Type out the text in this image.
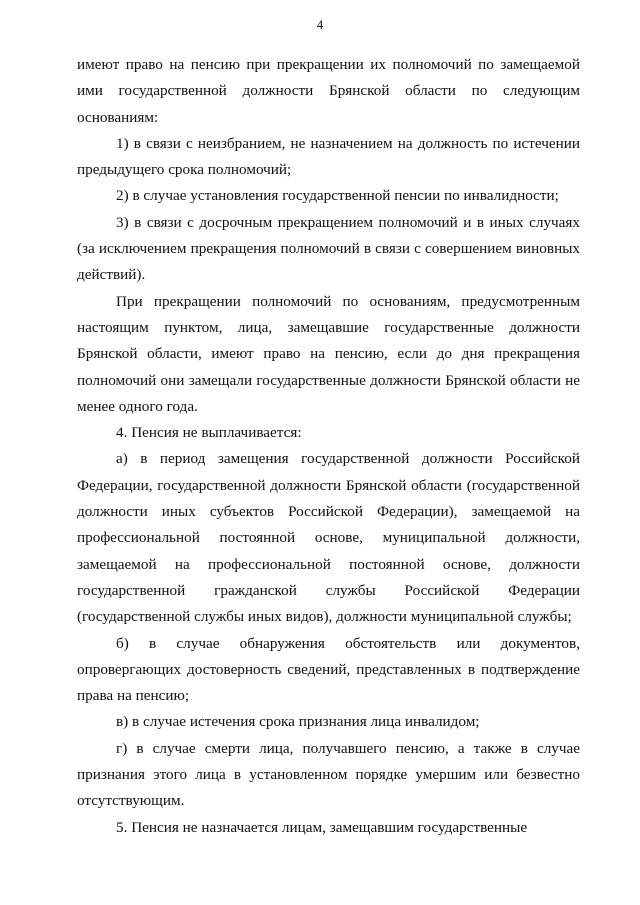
4

имеют право на пенсию при прекращении их полномочий по замещаемой ими государственной должности Брянской области по следующим основаниям:

1) в связи с неизбранием, не назначением на должность по истечении предыдущего срока полномочий;

2) в случае установления государственной пенсии по инвалидности;

3) в связи с досрочным прекращением полномочий и в иных случаях (за исключением прекращения полномочий в связи с совершением виновных действий).

При прекращении полномочий по основаниям, предусмотренным настоящим пунктом, лица, замещавшие государственные должности Брянской области, имеют право на пенсию, если до дня прекращения полномочий они замещали государственные должности Брянской области не менее одного года.

4. Пенсия не выплачивается:

а) в период замещения государственной должности Российской Федерации, государственной должности Брянской области (государственной должности иных субъектов Российской Федерации), замещаемой на профессиональной постоянной основе, муниципальной должности, замещаемой на профессиональной постоянной основе, должности государственной гражданской службы Российской Федерации (государственной службы иных видов), должности муниципальной службы;

б) в случае обнаружения обстоятельств или документов, опровергающих достоверность сведений, представленных в подтверждение права на пенсию;

в) в случае истечения срока признания лица инвалидом;

г) в случае смерти лица, получавшего пенсию, а также в случае признания этого лица в установленном порядке умершим или безвестно отсутствующим.

5. Пенсия не назначается лицам, замещавшим государственные
